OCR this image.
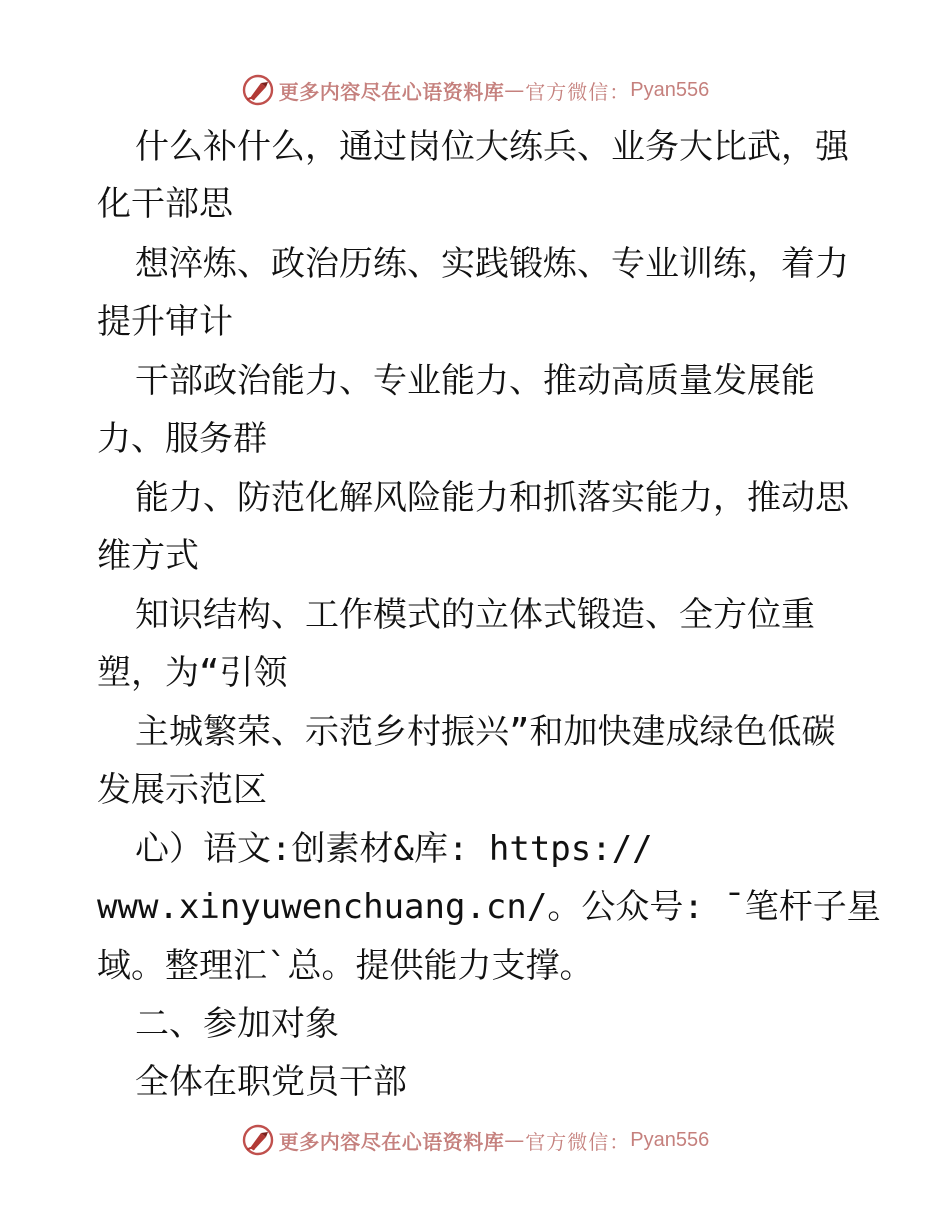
更多内容尽在心语资料库 — 官方微信： Pyan556
什么补什么，通过岗位大练兵、业务大比武，强
化干部思
想淬炼、政治历练、实践锻炼、专业训练，着力
提升审计
干部政治能力、专业能力、推动高质量发展能
力、服务群
能力、防范化解风险能力和抓落实能力，推动思
维方式
知识结构、工作模式的立体式锻造、全方位重
塑，为“引领
主城繁荣、示范乡村振兴”和加快建成绿色低碳
发展示范区
心）语文:创素材&库: https://
www.xinyuwenchuang.cn/。公众号: ¯笔杆子星
域。整理汇`总。提供能力支撑。
二、参加对象
全体在职党员干部
更多内容尽在心语资料库 — 官方微信： Pyan556
